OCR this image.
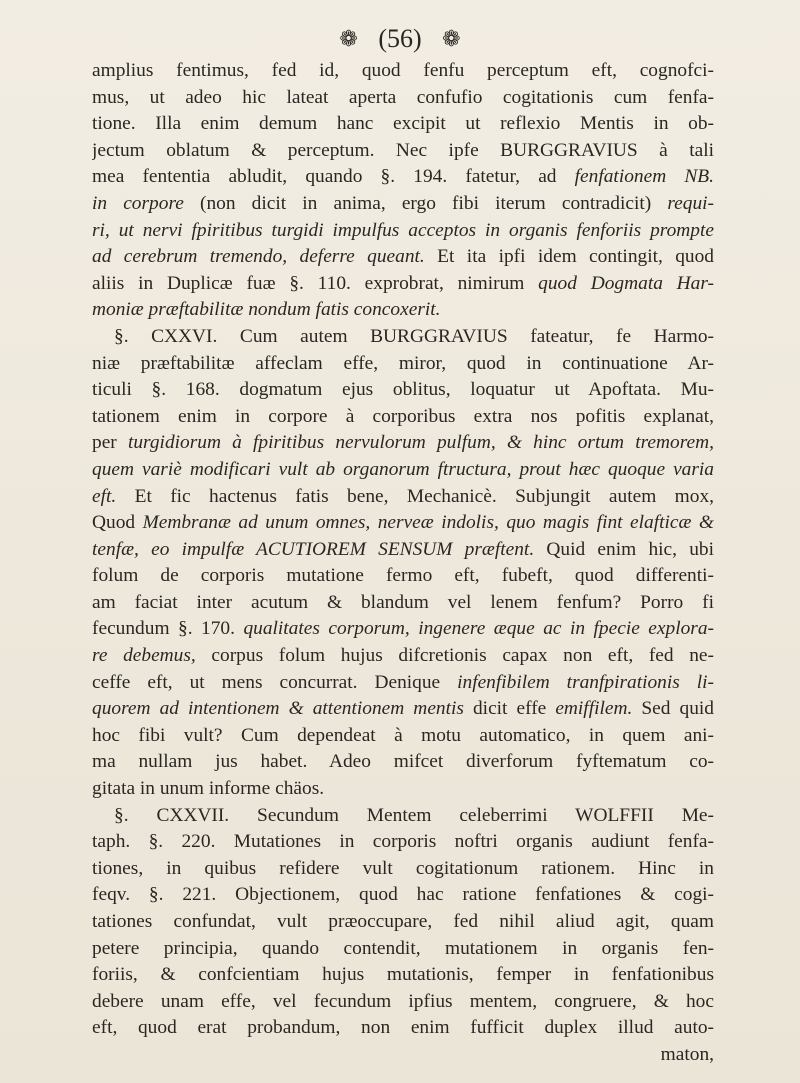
❁ (56) ❁
amplius fentimus, fed id, quod fenfu perceptum eft, cognofci-
mus, ut adeo hic lateat aperta confufio cogitationis cum fenfa-
tione. Illa enim demum hanc excipit ut reflexio Mentis in ob-
jectum oblatum & perceptum. Nec ipfe BURGGRAVIUS à tali
mea fententia abludit, quando §. 194. fatetur, ad fenfationem NB.
in corpore (non dicit in anima, ergo fibi iterum contradicit) requi-
ri, ut nervi fpiritibus turgidi impulfus acceptos in organis fenforiis prompte
ad cerebrum tremendo, deferre queant. Et ita ipfi idem contingit, quod
aliis in Duplicæ fuæ §. 110. exprobrat, nimirum quod Dogmata Har-
moniæ præftabilitæ nondum fatis concoxerit.
§. CXXVI. Cum autem BURGGRAVIUS fateatur, fe Harmo-
niæ præftabilitæ affeclam effe, miror, quod in continuatione Ar-
ticuli §. 168. dogmatum ejus oblitus, loquatur ut Apoftata. Mu-
tationem enim in corpore à corporibus extra nos pofitis explanat,
per turgidiorum à fpiritibus nervulorum pulfum, & hinc ortum tremorem,
quem variè modificari vult ab organorum ftructura, prout hæc quoque varia
eft. Et fic hactenus fatis bene, Mechanicè. Subjungit autem mox,
Quod Membranæ ad unum omnes, nerveæ indolis, quo magis fint elafticæ &
tenfæ, eo impulfæ ACUTIOREM SENSUM præftent. Quid enim hic, ubi
folum de corporis mutatione fermo eft, fubeft, quod differenti-
am faciat inter acutum & blandum vel lenem fenfum? Porro fi
fecundum §. 170. qualitates corporum, ingenere æque ac in fpecie explora-
re debemus, corpus folum hujus difcretionis capax non eft, fed ne-
ceffe eft, ut mens concurrat. Denique infenfibilem tranfpirationis li-
quorem ad intentionem & attentionem mentis dicit effe emiffilem. Sed quid
hoc fibi vult? Cum dependeat à motu automatico, in quem ani-
ma nullam jus habet. Adeo mifcet diverforum fyftematum co-
gitata in unum informe chäos.
§. CXXVII. Secundum Mentem celeberrimi WOLFFII Me-
taph. §. 220. Mutationes in corporis noftri organis audiunt fenfa-
tiones, in quibus refidere vult cogitationum rationem. Hinc in
feqv. §. 221. Objectionem, quod hac ratione fenfationes & cogi-
tationes confundat, vult præoccupare, fed nihil aliud agit, quam
petere principia, quando contendit, mutationem in organis fen-
foriis, & confcientiam hujus mutationis, femper in fenfationibus
debere unam effe, vel fecundum ipfius mentem, congruere, & hoc
eft, quod erat probandum, non enim fufficit duplex illud auto-
maton,
